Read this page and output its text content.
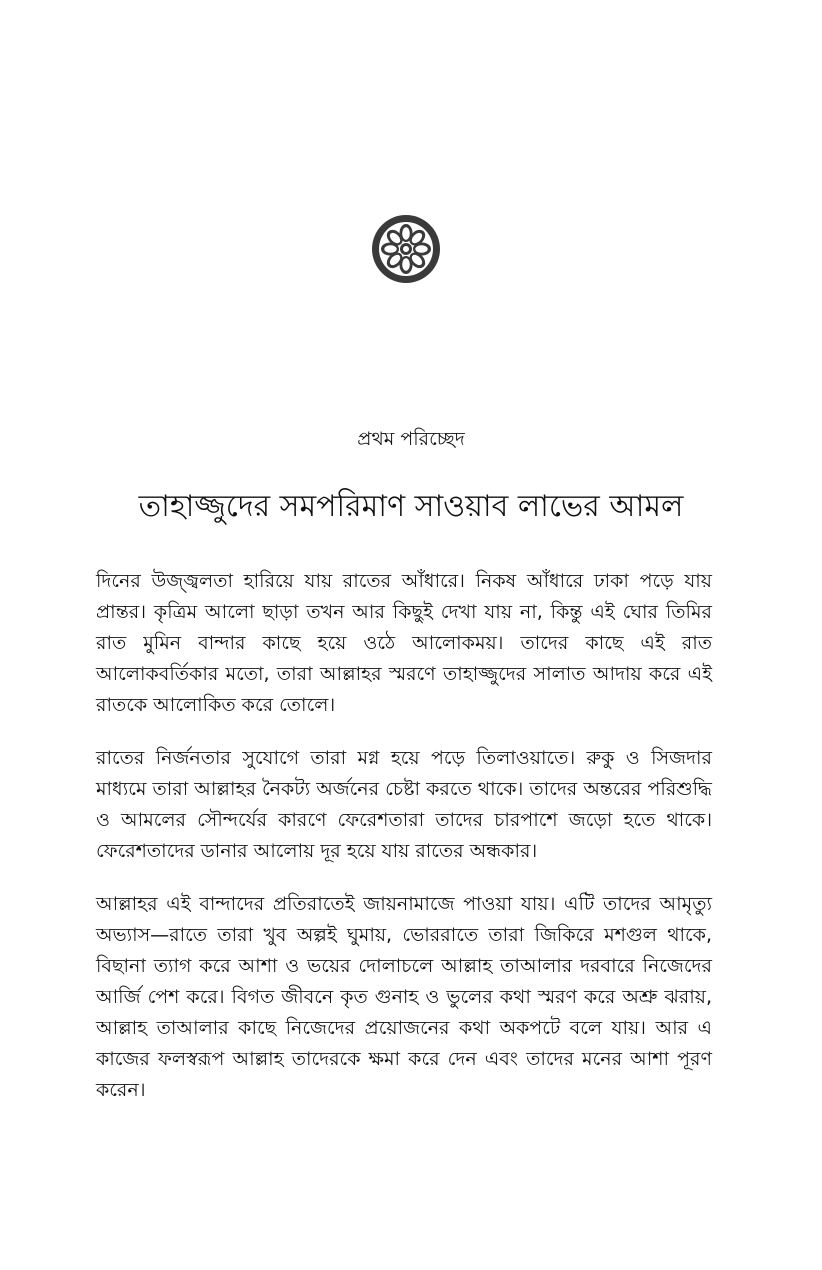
প্রথম পরিচ্ছেদ
তাহাজ্জুদের সমপরিমাণ সাওয়াব লাভের আমল

দিনের উজ্জ্বলতা হারিয়ে যায় রাতের আঁধারে। নিকষ আঁধারে ঢাকা পড়ে যায় প্রান্তর। কৃত্রিম আলো ছাড়া তখন আর কিছুই দেখা যায় না, কিন্তু এই ঘোর তিমির রাত মুমিন বান্দার কাছে হয়ে ওঠে আলোকময়। তাদের কাছে এই রাত আলোকবর্তিকার মতো, তারা আল্লাহর স্মরণে তাহাজ্জুদের সালাত আদায় করে এই রাতকে আলোকিত করে তোলে।

রাতের নির্জনতার সুযোগে তারা মগ্ন হয়ে পড়ে তিলাওয়াতে। রুকু ও সিজদার মাধ্যমে তারা আল্লাহর নৈকট্য অর্জনের চেষ্টা করতে থাকে। তাদের অন্তরের পরিশুদ্ধি ও আমলের সৌন্দর্যের কারণে ফেরেশতারা তাদের চারপাশে জড়ো হতে থাকে। ফেরেশতাদের ডানার আলোয় দূর হয়ে যায় রাতের অন্ধকার।

আল্লাহর এই বান্দাদের প্রতিরাতেই জায়নামাজে পাওয়া যায়। এটি তাদের আমৃত্যু অভ্যাস—রাতে তারা খুব অল্পই ঘুমায়, ভোররাতে তারা জিকিরে মশগুল থাকে, বিছানা ত্যাগ করে আশা ও ভয়ের দোলাচলে আল্লাহ তাআলার দরবারে নিজেদের আর্জি পেশ করে। বিগত জীবনে কৃত গুনাহ ও ভুলের কথা স্মরণ করে অশ্রু ঝরায়, আল্লাহ তাআলার কাছে নিজেদের প্রয়োজনের কথা অকপটে বলে যায়। আর এ কাজের ফলস্বরূপ আল্লাহ তাদেরকে ক্ষমা করে দেন এবং তাদের মনের আশা পূরণ করেন।
